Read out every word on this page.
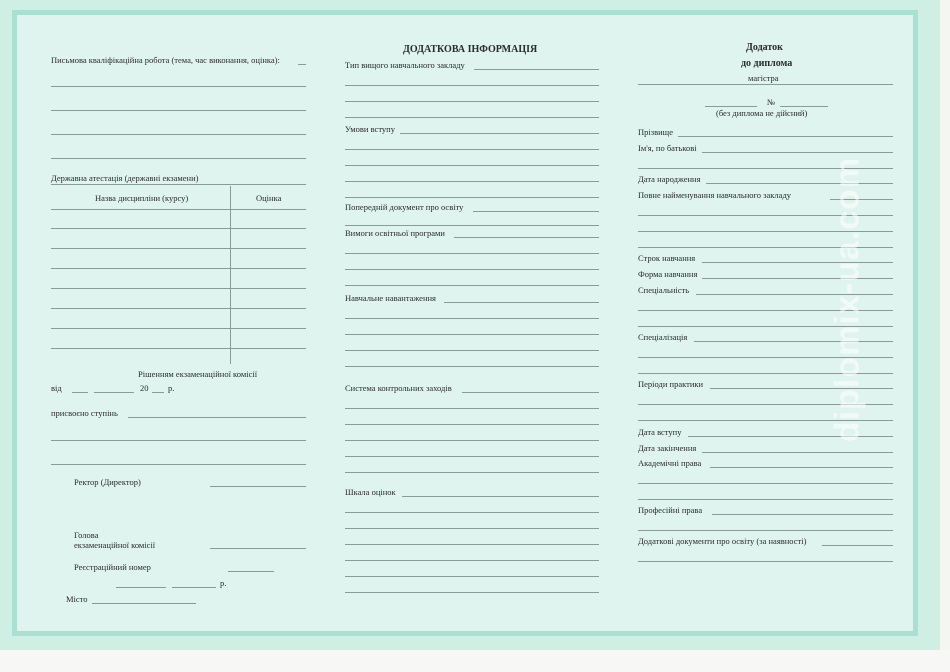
Письмова кваліфікаційна робота (тема, час виконання, оцінка):
Державна атестація (державні екзамени)
Назва дисципліни (курсу)	Оцінка
Рішенням екзаменаційної комісії
від	20 р.
присвоєно ступінь
Ректор (Директор)
Голова
екзаменаційної комісії
Реєстраційний номер
р.
Місто
ДОДАТКОВА ІНФОРМАЦІЯ
Тип вищого навчального закладу
Умови вступу
Попередній документ про освіту
Вимоги освітньої програми
Навчальне навантаження
Система контрольних заходів
Шкала оцінок
Додаток
до диплома
магістра
№
(без диплома не дійсний)
Прізвище
Ім'я, по батькові
Дата народження
Повне найменування навчального закладу
Строк навчання
Форма навчання
Спеціальність
Спеціалізація
Періоди практики
Дата вступу
Дата закінчення
Академічні права
Професійні права
Додаткові документи про освіту (за наявності)
diplomix-ua.com
